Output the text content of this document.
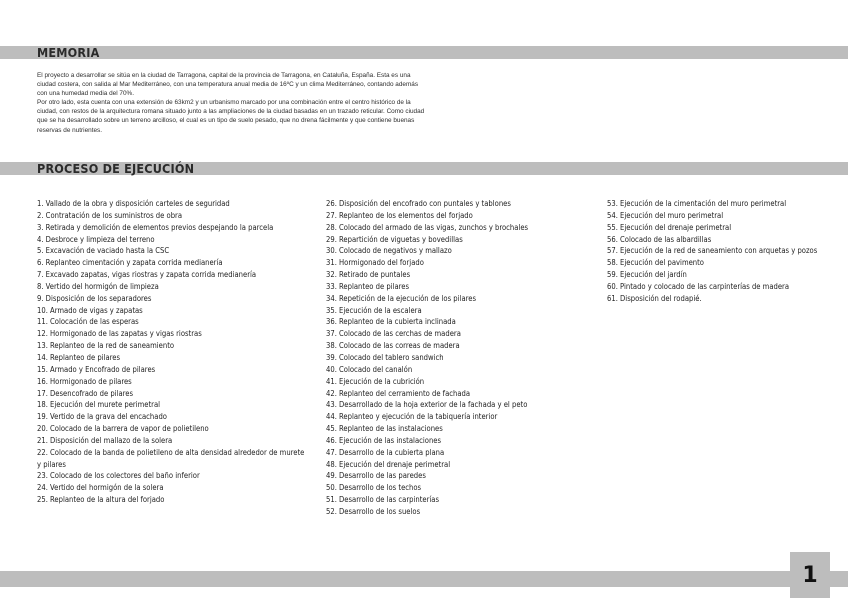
MEMORIA

El proyecto a desarrollar se sitúa en la ciudad de Tarragona, capital de la provincia de Tarragona, en Cataluña, España. Esta es una ciudad costera, con salida al Mar Mediterráneo, con una temperatura anual media de 16ºC y un clima Mediterráneo, contando además con una humedad media del 70%.

Por otro lado, esta cuenta con una extensión de 63km2 y un urbanismo marcado por una combinación entre el centro histórico de la ciudad, con restos de la arquitectura romana situado junto a las ampliaciones de la ciudad basadas en un trazado reticular. Como ciudad que se ha desarrollado sobre un terreno arcilloso, el cual es un tipo de suelo pesado, que no drena fácilmente y que contiene buenas reservas de nutrientes.

PROCESO DE EJECUCIÓN
1. Vallado de la obra y disposición carteles de seguridad
2. Contratación de los suministros de obra
3. Retirada y demolición de elementos previos despejando la parcela
4. Desbroce y limpieza del terreno
5. Excavación de vaciado hasta la CSC
6. Replanteo cimentación y zapata corrida medianería
7. Excavado zapatas, vigas riostras y zapata corrida medianería
8. Vertido del hormigón de limpieza
9. Disposición de los separadores
10. Armado de vigas y zapatas
11. Colocación de las esperas
12. Hormigonado de las zapatas y vigas riostras
13. Replanteo de la red de saneamiento
14. Replanteo de pilares
15. Armado y Encofrado de pilares
16. Hormigonado de pilares
17. Desencofrado de pilares
18. Ejecución del murete perimetral
19. Vertido de la grava del encachado
20. Colocado de la barrera de vapor de polietileno
21. Disposición del mallazo de la solera
22. Colocado de la banda de polietileno de alta densidad alrededor de murete y pilares
23. Colocado de los colectores del baño inferior
24. Vertido del hormigón de la solera
25. Replanteo de la altura del forjado
26. Disposición del encofrado con puntales y tablones
27. Replanteo de los elementos del forjado
28. Colocado del armado de las vigas, zunchos y brochales
29. Repartición de viguetas y bovedillas
30. Colocado de negativos y mallazo
31. Hormigonado del forjado
32. Retirado de puntales
33. Replanteo de pilares
34. Repetición de la ejecución de los pilares
35. Ejecución de la escalera
36. Replanteo de la cubierta inclinada
37. Colocado de las cerchas de madera
38. Colocado de las correas de madera
39. Colocado del tablero sandwich
40. Colocado del canalón
41. Ejecución de la cubrición
42. Replanteo del cerramiento de fachada
43. Desarrollado de la hoja exterior de la fachada y el peto
44. Replanteo y ejecución de la tabiquería interior
45. Replanteo de las instalaciones
46. Ejecución de las instalaciones
47. Desarrollo de la cubierta plana
48. Ejecución del drenaje perimetral
49. Desarrollo de las paredes
50. Desarrollo de los techos
51. Desarrollo de las carpinterías
52. Desarrollo de los suelos
53. Ejecución de la cimentación del muro perimetral
54. Ejecución del muro perimetral
55. Ejecución del drenaje perimetral
56. Colocado de las albardillas
57. Ejecución de la red de saneamiento con arquetas y pozos
58. Ejecución del pavimento
59. Ejecución del jardín
60. Pintado y colocado de las carpinterías de madera
61. Disposición del rodapié.
1
